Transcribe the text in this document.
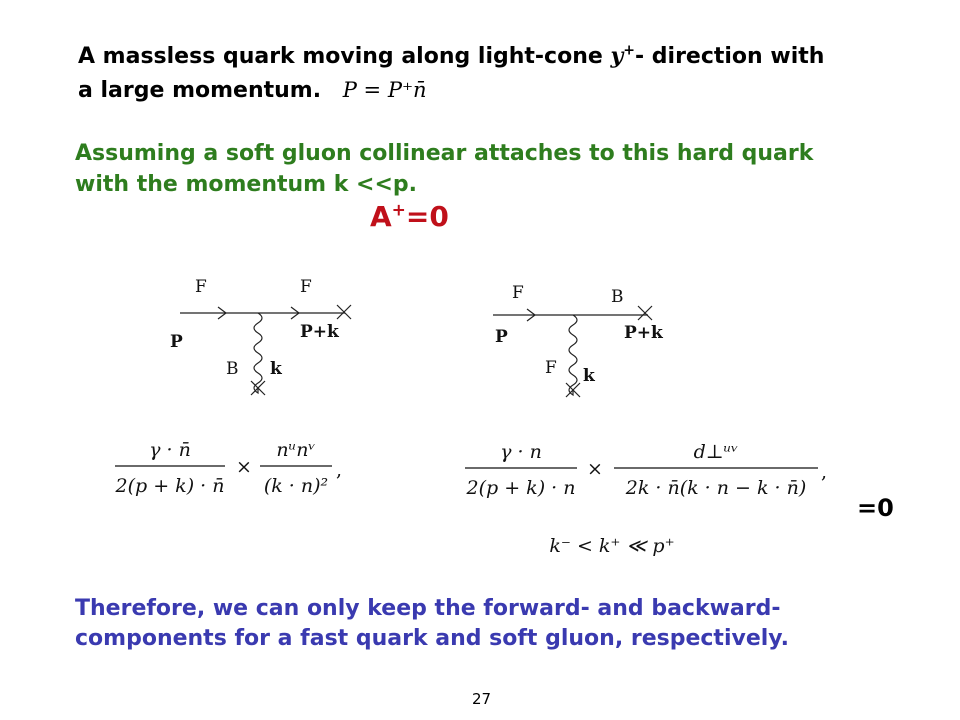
A massless quark moving along light-cone y+- direction with
a large momentum. P = P⁺n̄
Assuming a soft gluon collinear attaches to this hard quark
with the momentum k <<p.
A+=0
F	F
P	P+k
B k
F	B
P	P+k
F k
γ · n̄
2(p + k) · n̄
×
nᵘnᵛ
(k · n)²
,
γ · n
2(p + k) · n
×
d⊥ᵘᵛ
2k · n̄(k · n − k · n̄)
,
k⁻ < k⁺ ≪ p⁺
=0
Therefore, we can only keep the forward- and backward-
components for a fast quark and soft gluon, respectively.
27
